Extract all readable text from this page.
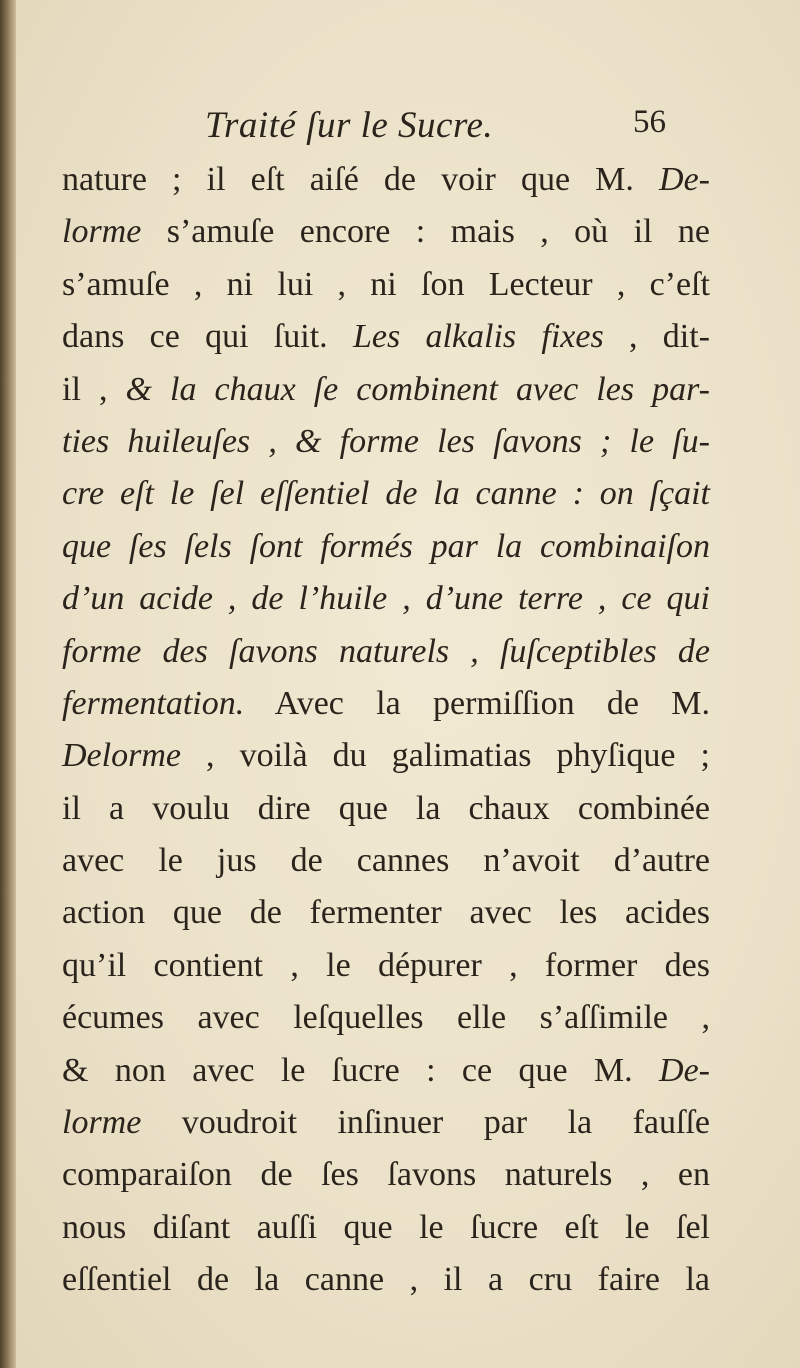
Traité ſur le Sucre.	56
nature ; il eſt aiſé de voir que M. De-
lorme s’amuſe encore : mais , où il ne
s’amuſe , ni lui , ni ſon Lecteur , c’eſt
dans ce qui ſuit. Les alkalis fixes , dit-
il , & la chaux ſe combinent avec les par-
ties huileuſes , & forme les ſavons ; le ſu-
cre eſt le ſel eſſentiel de la canne : on ſçait
que ſes ſels ſont formés par la combinaiſon
d’un acide , de l’huile , d’une terre , ce qui
forme des ſavons naturels , ſuſceptibles de
fermentation. Avec la permiſſion de M.
Delorme , voilà du galimatias phyſique ;
il a voulu dire que la chaux combinée
avec le jus de cannes n’avoit d’autre
action que de fermenter avec les acides
qu’il contient , le dépurer , former des
écumes avec leſquelles elle s’aſſimile ,
& non avec le ſucre : ce que M. De-
lorme voudroit inſinuer par la fauſſe
comparaiſon de ſes ſavons naturels , en
nous diſant auſſi que le ſucre eſt le ſel
eſſentiel de la canne , il a cru faire la
